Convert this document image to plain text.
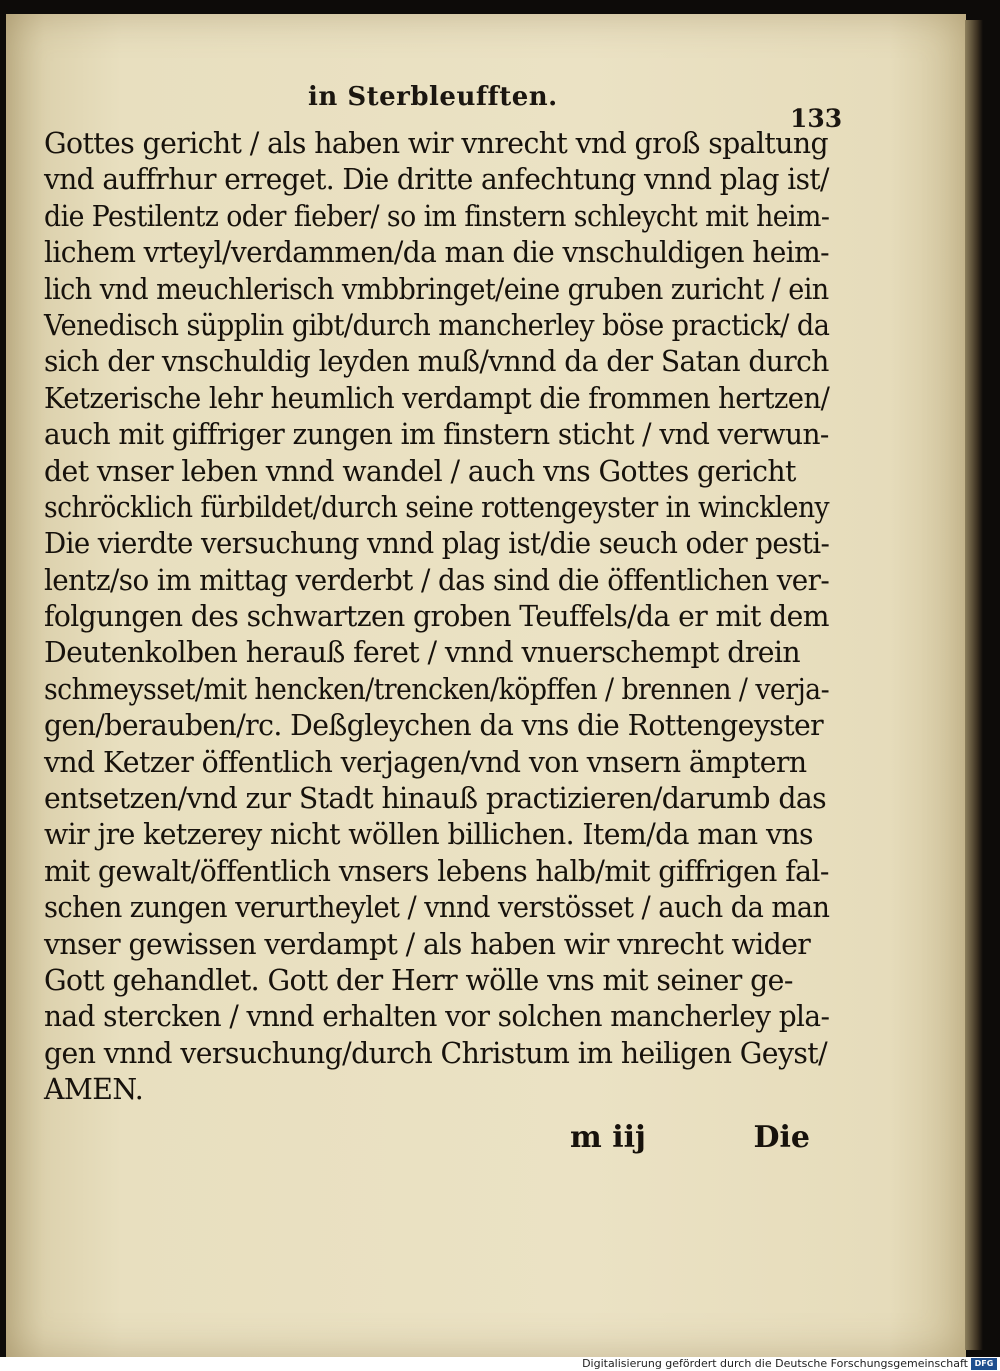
in Sterbleufften.
133
Gottes gericht / als haben wir vnrecht vnd groß spaltung
vnd auffrhur erreget. Die dritte anfechtung vnnd plag ist/
die Pestilentz oder fieber/ so im finstern schleycht mit heim-
lichem vrteyl/verdammen/da man die vnschuldigen heim-
lich vnd meuchlerisch vmbbringet/eine gruben zuricht / ein
Venedisch süpplin gibt/durch mancherley böse practick/ da
sich der vnschuldig leyden muß/vnnd da der Satan durch
Ketzerische lehr heumlich verdampt die frommen hertzen/
auch mit giffriger zungen im finstern sticht / vnd verwun-
det vnser leben vnnd wandel / auch vns Gottes gericht
schröcklich fürbildet/durch seine rottengeyster in winckleny
Die vierdte versuchung vnnd plag ist/die seuch oder pesti-
lentz/so im mittag verderbt / das sind die öffentlichen ver-
folgungen des schwartzen groben Teuffels/da er mit dem
Deutenkolben herauß feret / vnnd vnuerschempt drein
schmeysset/mit hencken/trencken/köpffen / brennen / verja-
gen/berauben/rc. Deßgleychen da vns die Rottengeyster
vnd Ketzer öffentlich verjagen/vnd von vnsern ämptern
entsetzen/vnd zur Stadt hinauß practizieren/darumb das
wir jre ketzerey nicht wöllen billichen. Item/da man vns
mit gewalt/öffentlich vnsers lebens halb/mit giffrigen fal-
schen zungen verurtheylet / vnnd verstösset / auch da man
vnser gewissen verdampt / als haben wir vnrecht wider
Gott gehandlet. Gott der Herr wölle vns mit seiner ge-
nad stercken / vnnd erhalten vor solchen mancherley pla-
gen vnnd versuchung/durch Christum im heiligen Geyst/
AMEN.
m iij	Die
Digitalisierung gefördert durch die Deutsche Forschungsgemeinschaft DFG
